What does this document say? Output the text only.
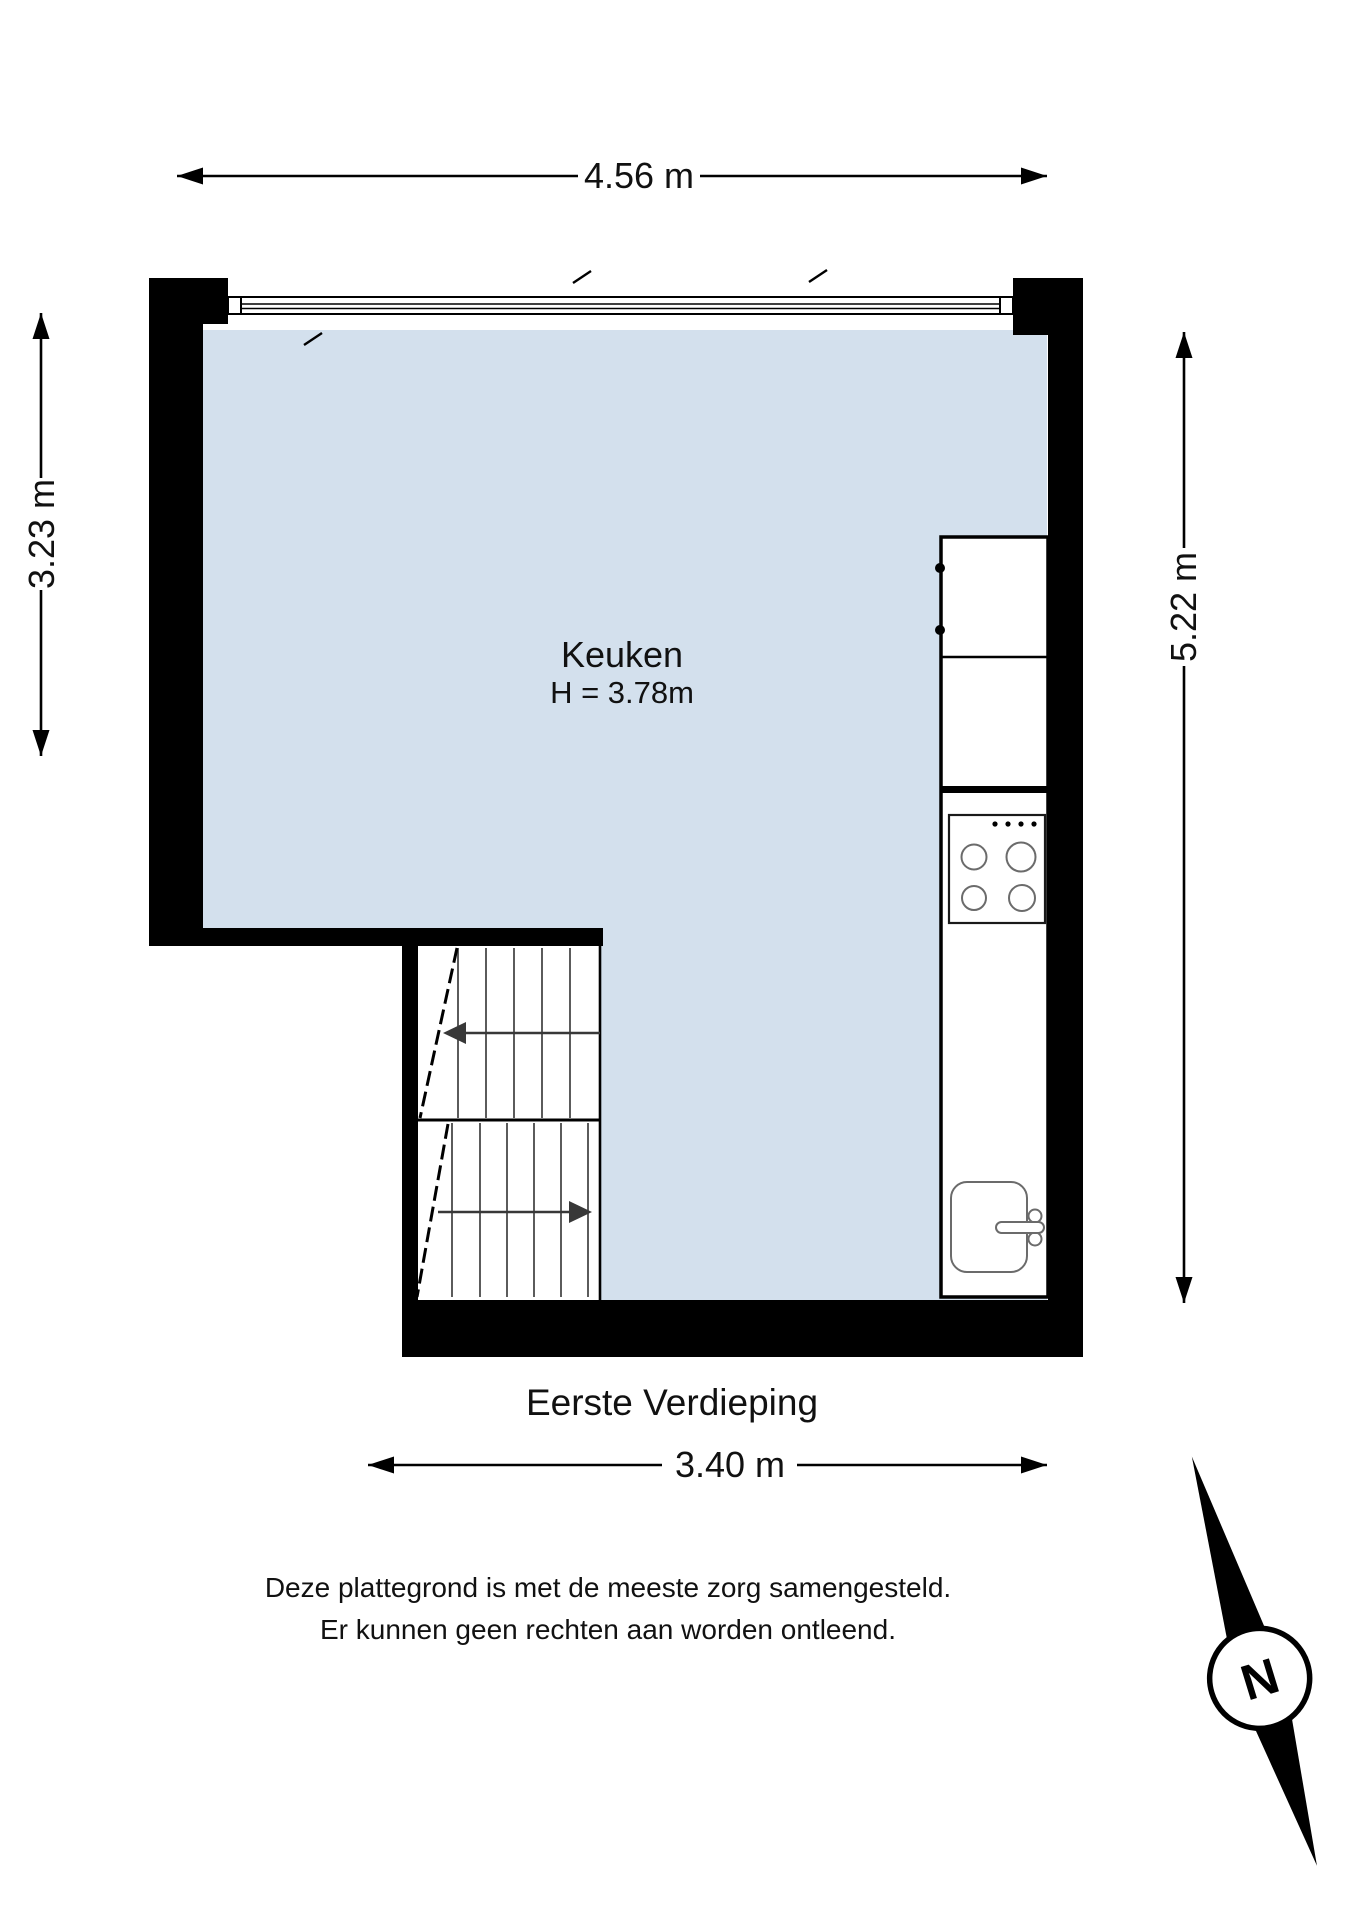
Keuken
H = 3.78m
4.56 m
3.23 m
5.22 m
3.40 m
Eerste Verdieping
Deze plattegrond is met de meeste zorg samengesteld.
Er kunnen geen rechten aan worden ontleend.
N
